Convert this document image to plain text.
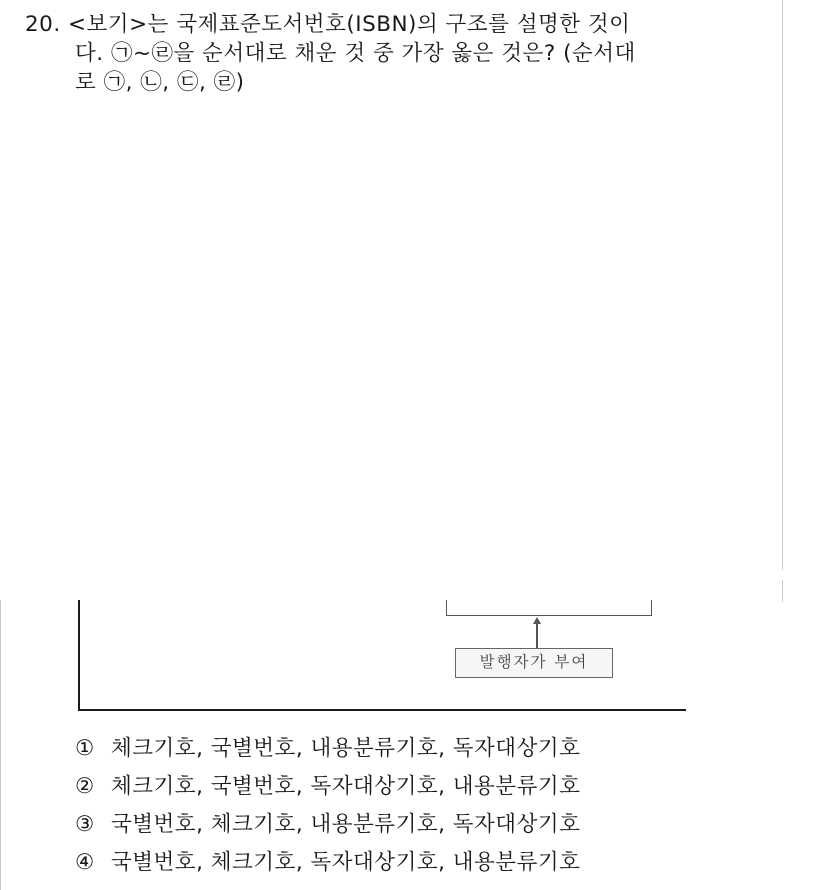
20. <보기>는 국제표준도서번호(ISBN)의 구조를 설명한 것이
다. ㉠~㉣을 순서대로 채운 것 중 가장 옳은 것은? (순서대
로 ㉠, ㉡, ㉢, ㉣)
발행자가 부여
① 체크기호, 국별번호, 내용분류기호, 독자대상기호
② 체크기호, 국별번호, 독자대상기호, 내용분류기호
③ 국별번호, 체크기호, 내용분류기호, 독자대상기호
④ 국별번호, 체크기호, 독자대상기호, 내용분류기호
